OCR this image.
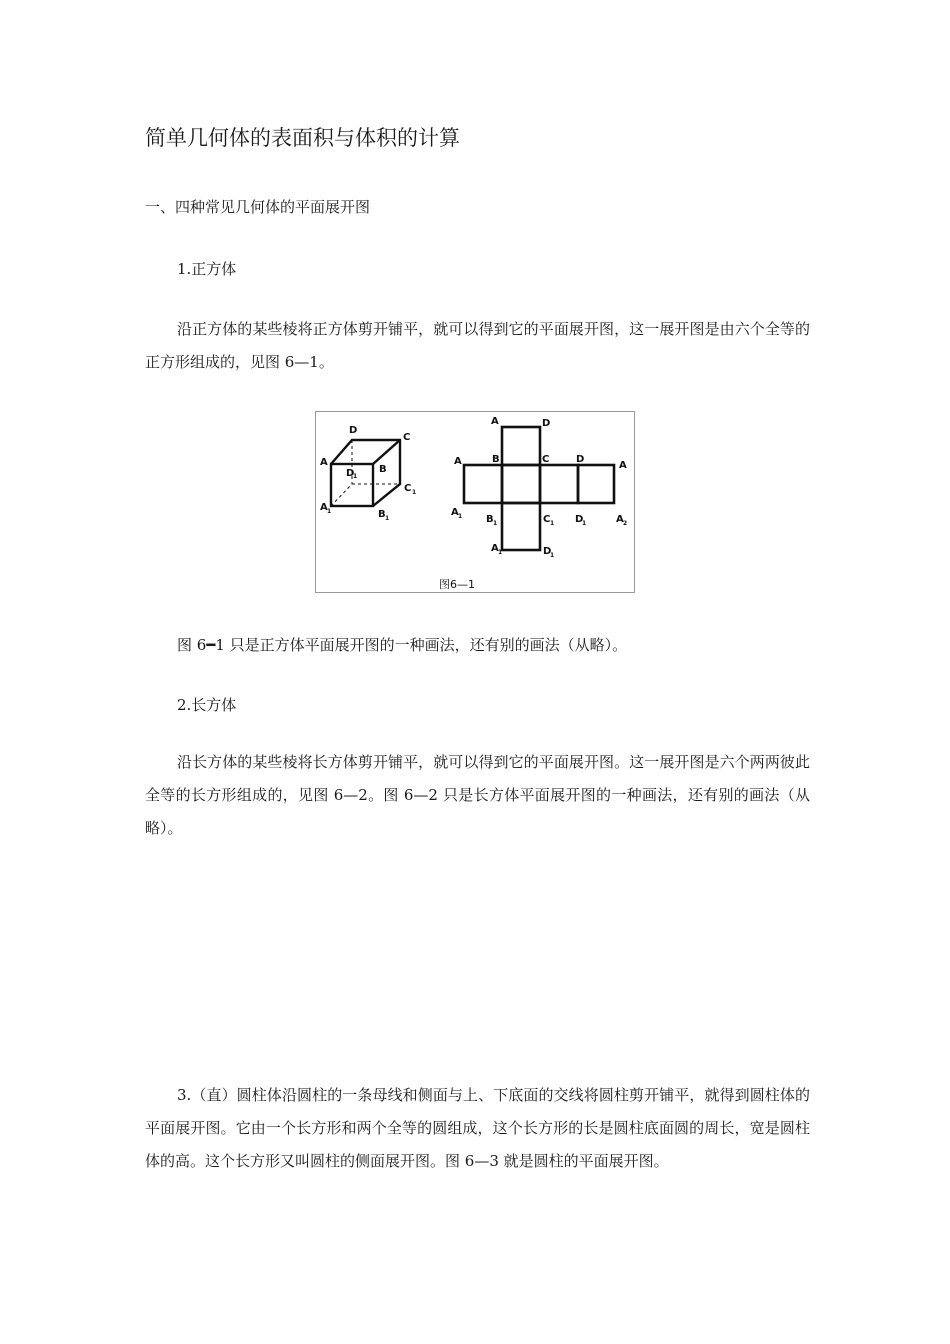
简单几何体的表面积与体积的计算
一、四种常见几何体的平面展开图
1.正方体

沿正方体的某些棱将正方体剪开铺平，就可以得到它的平面展开图，这一展开图是由六个全等的正方形组成的，见图 6—1。

D
C
A
D
1
B
C 1
A 1	B 1
A	D
A	B	C	D
A
A 1 B 1	C 1 D
1	A 2
A 1	D
1
图6—1
图 6━1 只是正方体平面展开图的一种画法，还有别的画法（从略）。
2.长方体

沿长方体的某些棱将长方体剪开铺平，就可以得到它的平面展开图。这一展开图是六个两两彼此全等的长方形组成的，见图 6—2。图 6—2 只是长方体平面展开图的一种画法，还有别的画法（从略）。

3.（直）圆柱体沿圆柱的一条母线和侧面与上、下底面的交线将圆柱剪开铺平，就得到圆柱体的平面展开图。它由一个长方形和两个全等的圆组成，这个长方形的长是圆柱底面圆的周长，宽是圆柱体的高。这个长方形又叫圆柱的侧面展开图。图 6—3 就是圆柱的平面展开图。
